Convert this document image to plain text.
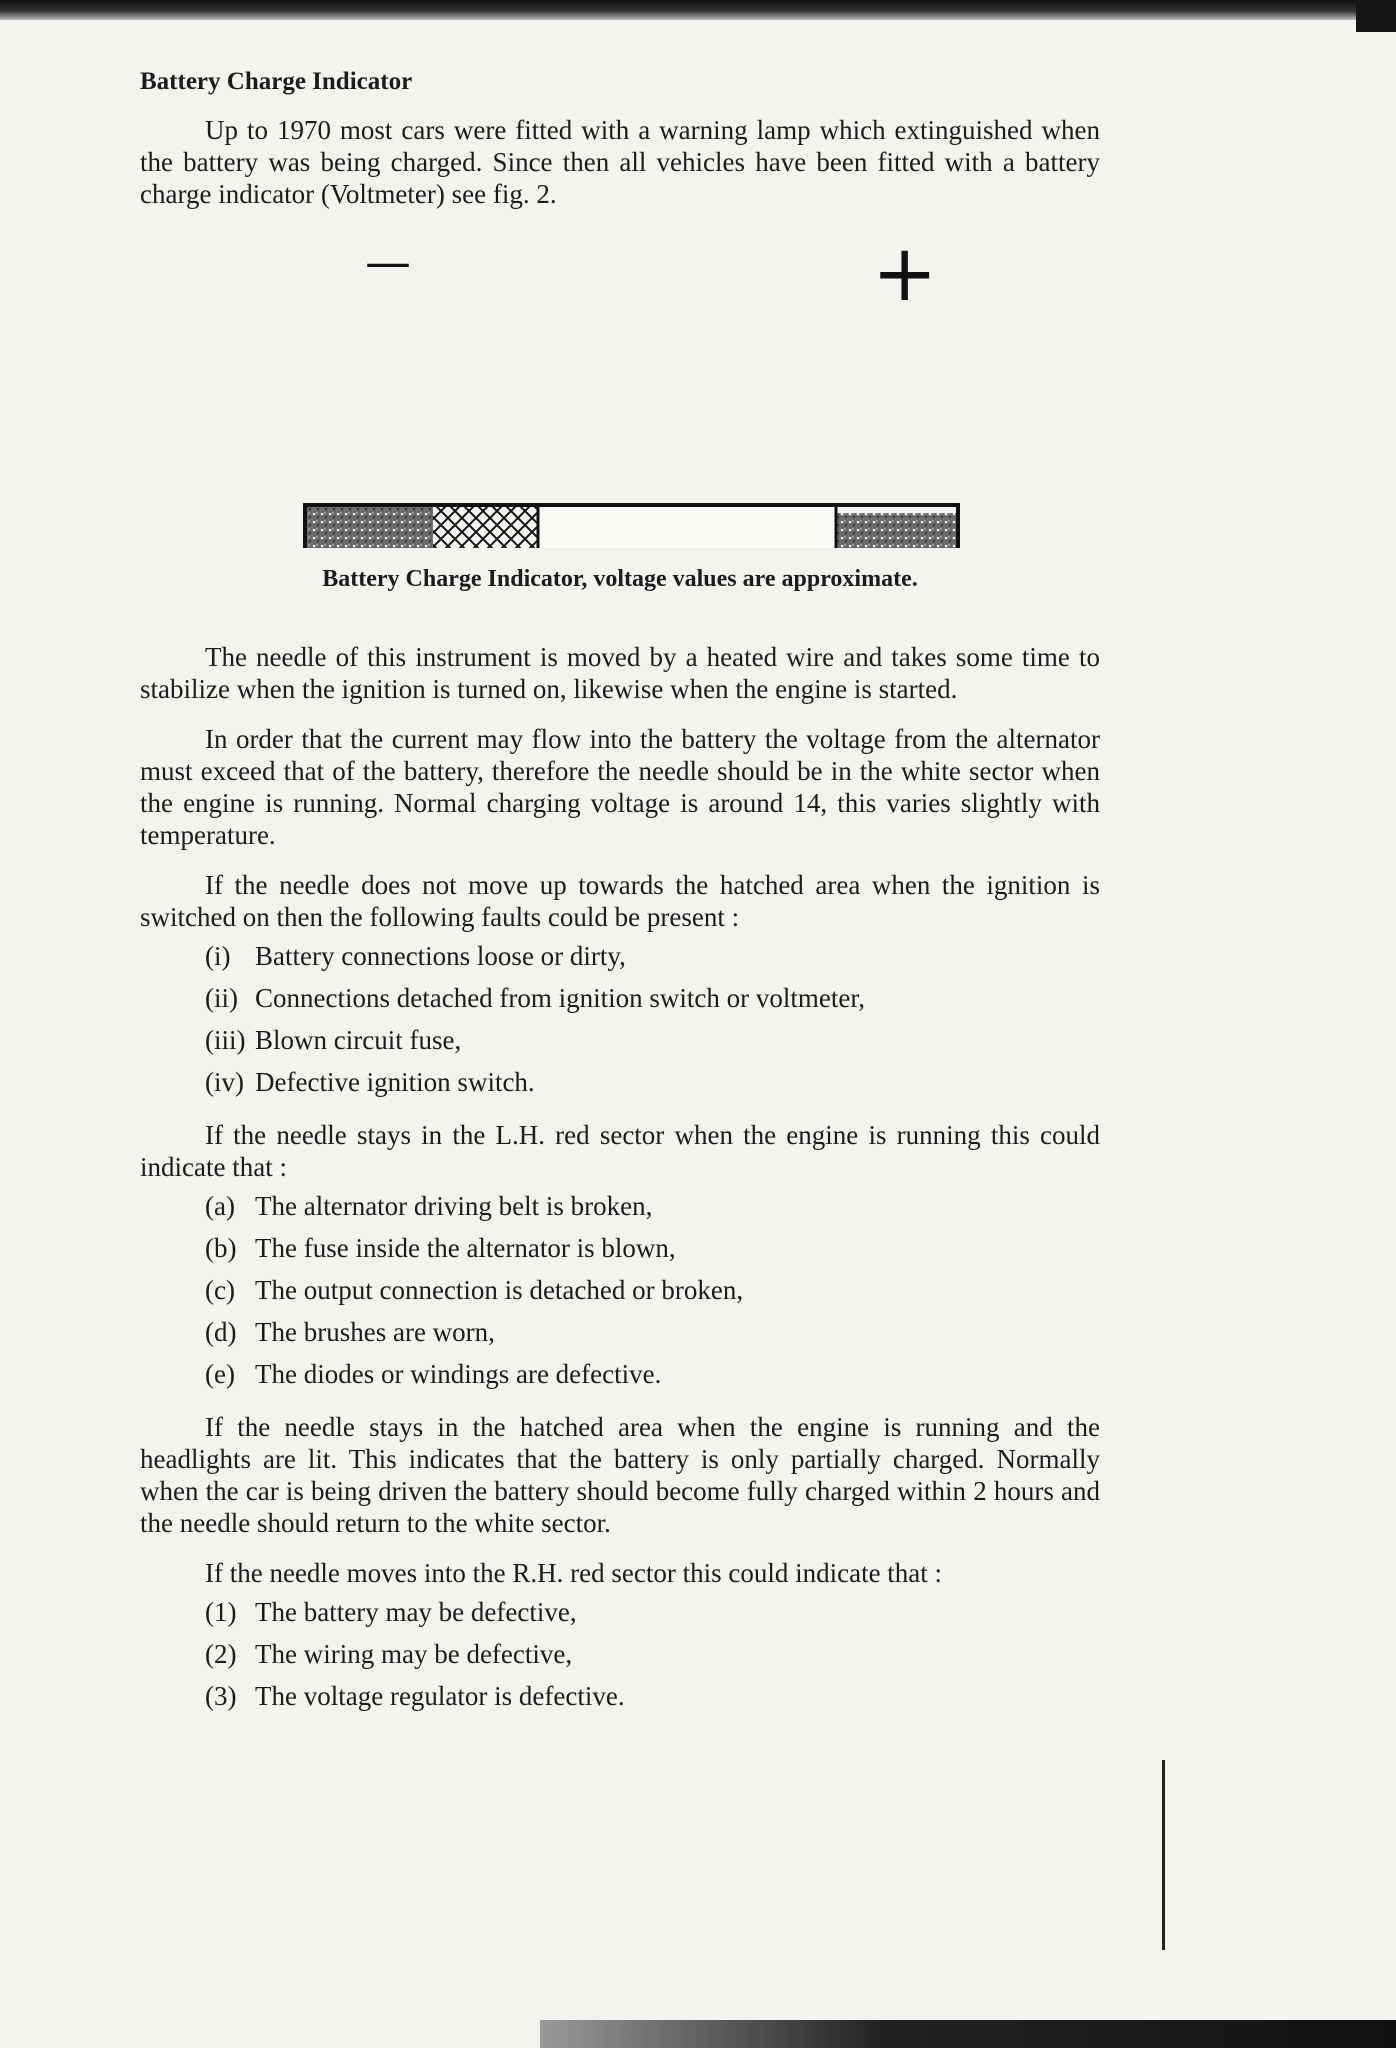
Battery Charge Indicator

Up to 1970 most cars were fitted with a warning lamp which extinguished when the battery was being charged. Since then all vehicles have been fitted with a battery charge indicator (Voltmeter) see fig. 2.

—	+
Battery Charge Indicator, voltage values are approximate.

The needle of this instrument is moved by a heated wire and takes some time to stabilize when the ignition is turned on, likewise when the engine is started.

In order that the current may flow into the battery the voltage from the alternator must exceed that of the battery, therefore the needle should be in the white sector when the engine is running. Normal charging voltage is around 14, this varies slightly with temperature.

If the needle does not move up towards the hatched area when the ignition is switched on then the following faults could be present :

(i) Battery connections loose or dirty,
(ii) Connections detached from ignition switch or voltmeter,
(iii) Blown circuit fuse,
(iv) Defective ignition switch.

If the needle stays in the L.H. red sector when the engine is running this could indicate that :

(a) The alternator driving belt is broken,
(b) The fuse inside the alternator is blown,
(c) The output connection is detached or broken,
(d) The brushes are worn,
(e) The diodes or windings are defective.

If the needle stays in the hatched area when the engine is running and the headlights are lit. This indicates that the battery is only partially charged. Normally when the car is being driven the battery should become fully charged within 2 hours and the needle should return to the white sector.

If the needle moves into the R.H. red sector this could indicate that :

(1) The battery may be defective,
(2) The wiring may be defective,
(3) The voltage regulator is defective.
